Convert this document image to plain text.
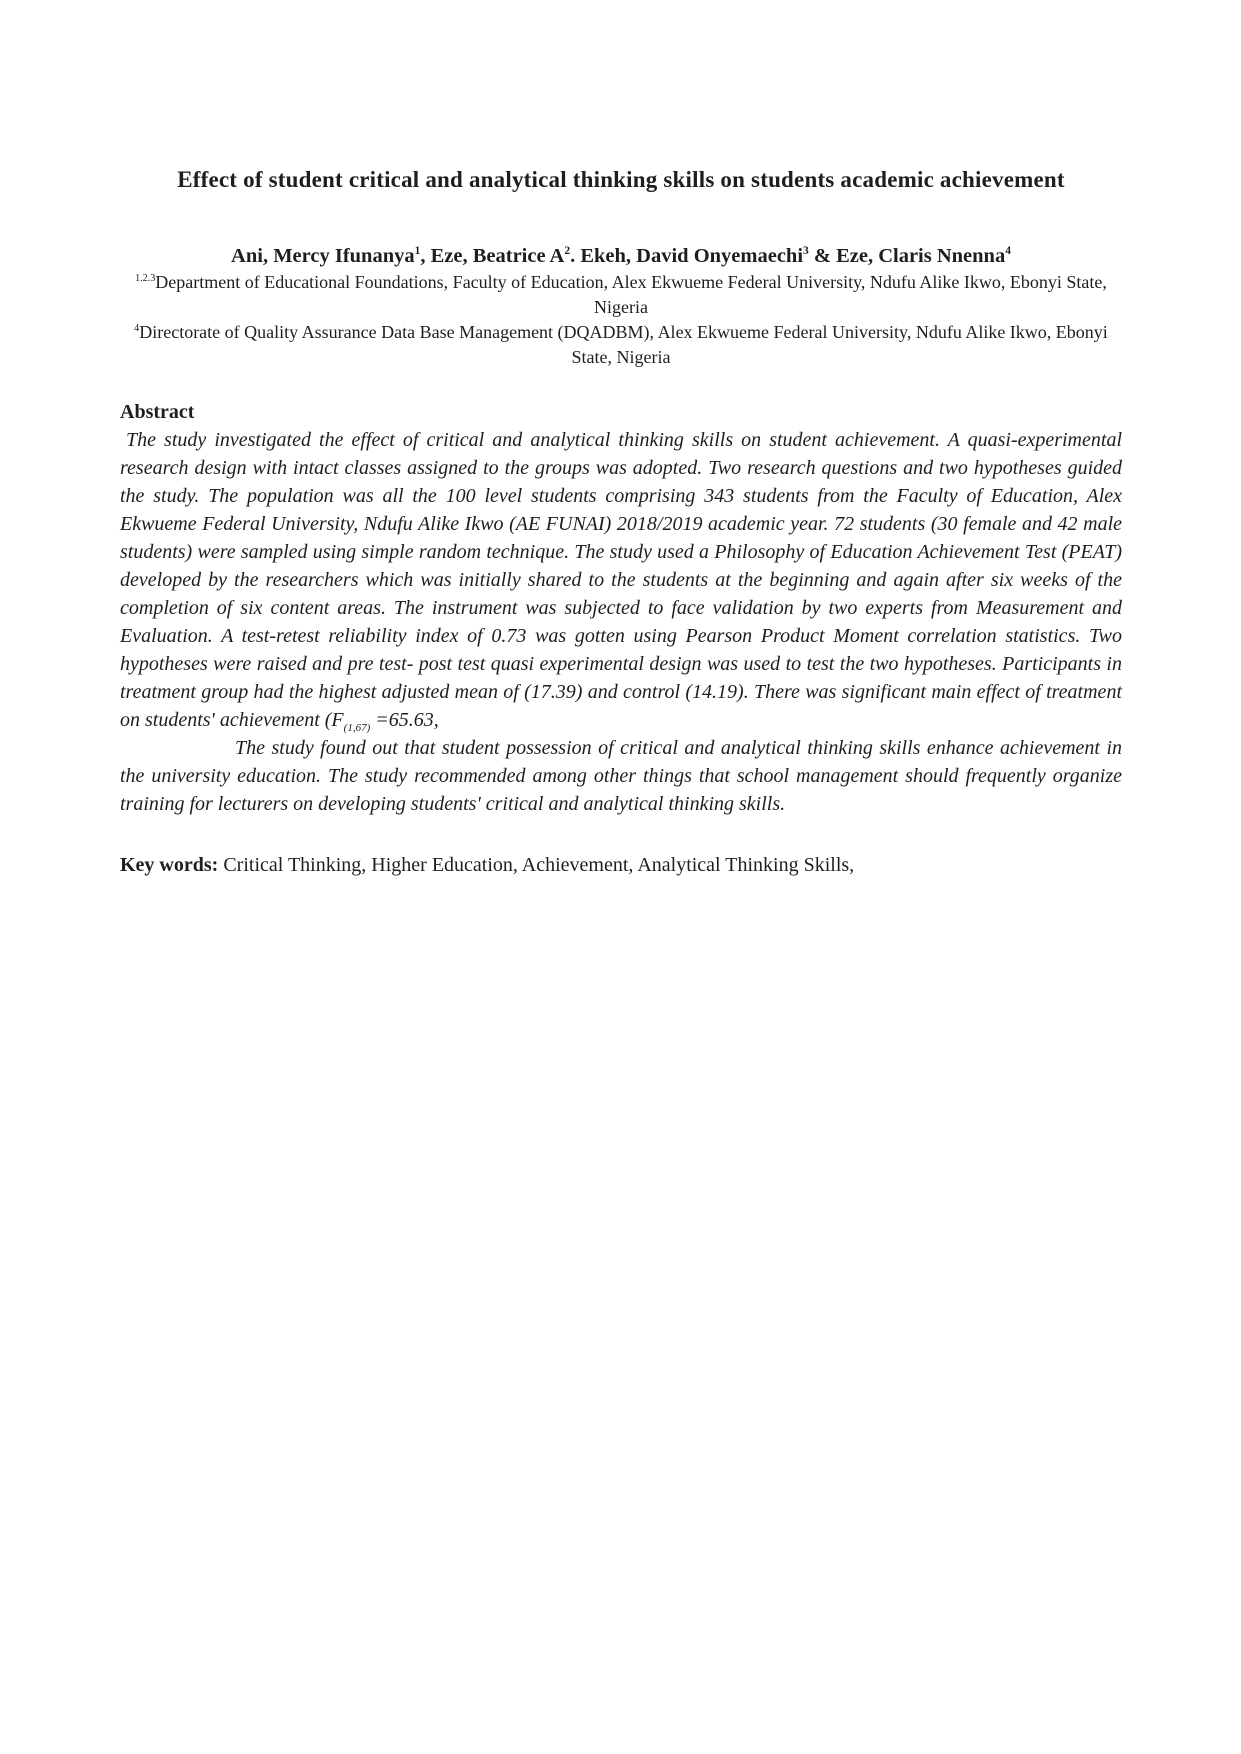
Effect of student critical and analytical thinking skills on students academic achievement
Ani, Mercy Ifunanya$^1$, Eze, Beatrice $A^2$. Ekeh, David Onyemaechi$^3$ & Eze, Claris Nnenna$^4$
$^{1.2.3}$Department of Educational Foundations, Faculty of Education, Alex Ekwueme Federal University, Ndufu Alike Ikwo, Ebonyi State, Nigeria
$^4$Directorate of Quality Assurance Data Base Management (DQADBM), Alex Ekwueme Federal University, Ndufu Alike Ikwo, Ebonyi State, Nigeria
Abstract

The study investigated the effect of critical and analytical thinking skills on student achievement. A quasi-experimental research design with intact classes assigned to the groups was adopted. Two research questions and two hypotheses guided the study. The population was all the 100 level students comprising 343 students from the Faculty of Education, Alex Ekwueme Federal University, Ndufu Alike Ikwo (AE FUNAI) 2018/2019 academic year. 72 students (30 female and 42 male students) were sampled using simple random technique. The study used a Philosophy of Education Achievement Test (PEAT) developed by the researchers which was initially shared to the students at the beginning and again after six weeks of the completion of six content areas. The instrument was subjected to face validation by two experts from Measurement and Evaluation. A test-retest reliability index of 0.73 was gotten using Pearson Product Moment correlation statistics. Two hypotheses were raised and pre test- post test quasi experimental design was used to test the two hypotheses. Participants in treatment group had the highest adjusted mean of (17.39) and control (14.19). There was significant main effect of treatment on students' achievement ($F_{(1,67)} =65.63$,

The study found out that student possession of critical and analytical thinking skills enhance achievement in the university education. The study recommended among other things that school management should frequently organize training for lecturers on developing students' critical and analytical thinking skills.

Key words: Critical Thinking, Higher Education, Achievement, Analytical Thinking Skills,
